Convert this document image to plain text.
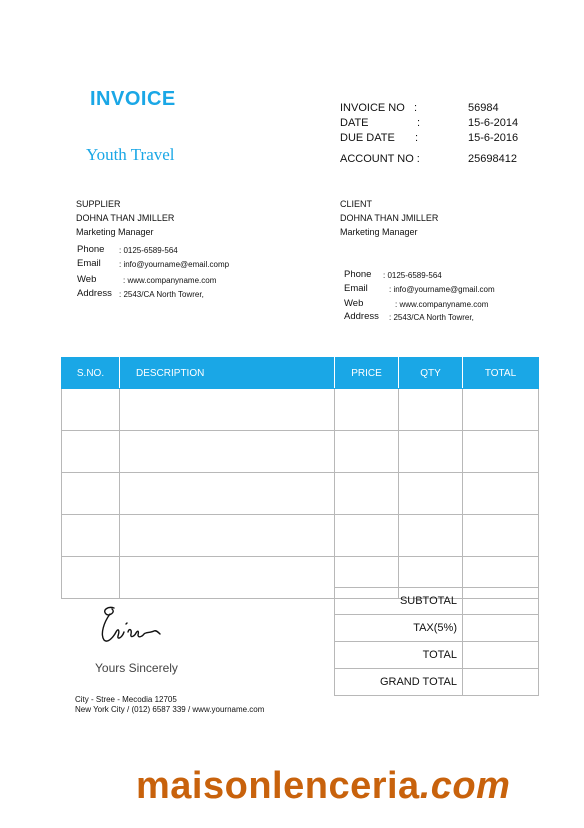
INVOICE
Youth Travel
INVOICE NO :	56984
DATE	:	15-6-2014
DUE DATE :	15-6-2016
ACCOUNT NO :	25698412
SUPPLIER
DOHNA THAN JMILLER
Marketing Manager
Phone : 0125-6589-564
Email : info@yourname@email.comp
Web	: www.companyname.com
Address : 2543/CA North Towrer,
CLIENT
DOHNA THAN JMILLER
Marketing Manager
Phone : 0125-6589-564
Email	: info@yourname@gmail.com
Web	: www.companyname.com
Address : 2543/CA North Towrer,
S.NO.	DESCRIPTION	PRICE	QTY	TOTAL

SUBTOTAL	
TAX(5%)	
TOTAL	
GRAND TOTAL	
Yours Sincerely
City - Stree - Mecodia 12705
New York City / (012) 6587 339 / www.yourname.com
maisonlenceria.com
